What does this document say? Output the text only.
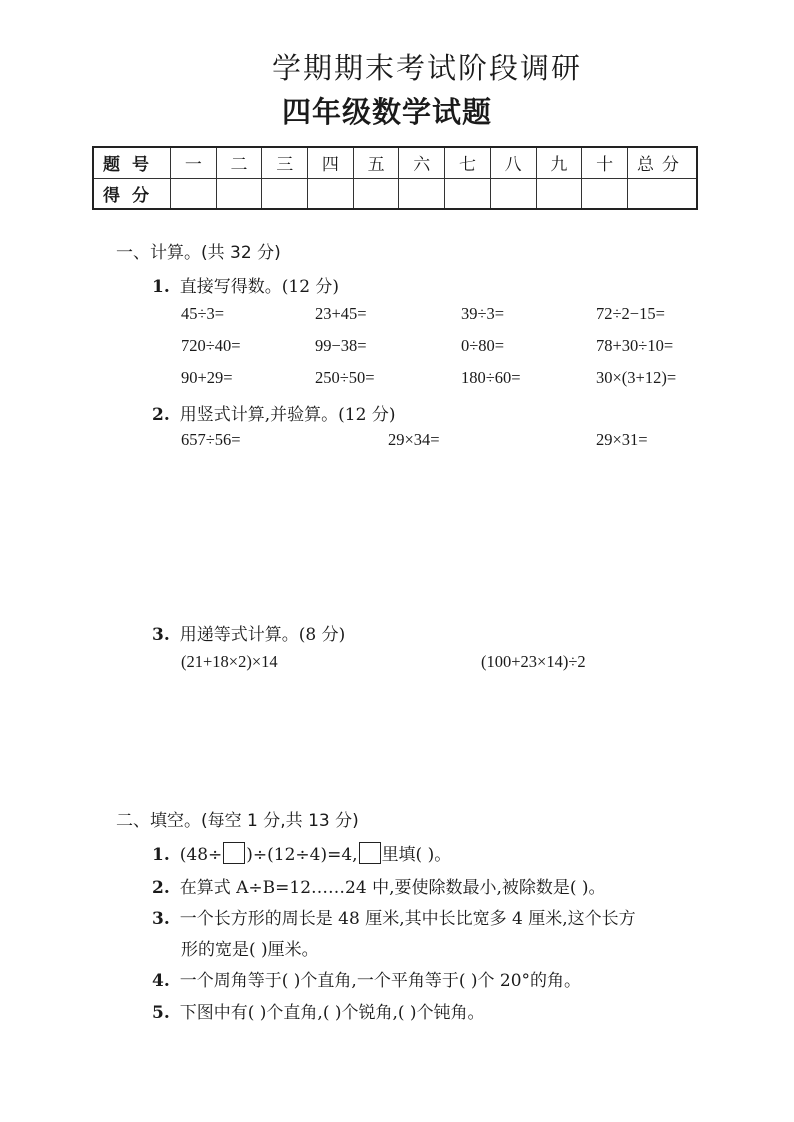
学期期末考试阶段调研
四年级数学试题
题号	一	二	三	四	五	六	七	八	九	十	总分
得分											
一、计算。(共 32 分)
1. 直接写得数。(12 分)
45÷3=	23+45=	39÷3=	72÷2−15=
720÷40=	99−38=	0÷80=	78+30÷10=
90+29=	250÷50=	180÷60=	30×(3+12)=
2. 用竖式计算,并验算。(12 分)
657÷56=	29×34=	29×31=
3. 用递等式计算。(8 分)
(21+18×2)×14	(100+23×14)÷2
二、填空。(每空 1 分,共 13 分)
1. (48÷ )÷(12÷4)=4, 里填( )。
2. 在算式 A÷B=12……24 中,要使除数最小,被除数是( )。
3. 一个长方形的周长是 48 厘米,其中长比宽多 4 厘米,这个长方
形的宽是( )厘米。
4. 一个周角等于( )个直角,一个平角等于( )个 20°的角。
5. 下图中有( )个直角,( )个锐角,( )个钝角。
